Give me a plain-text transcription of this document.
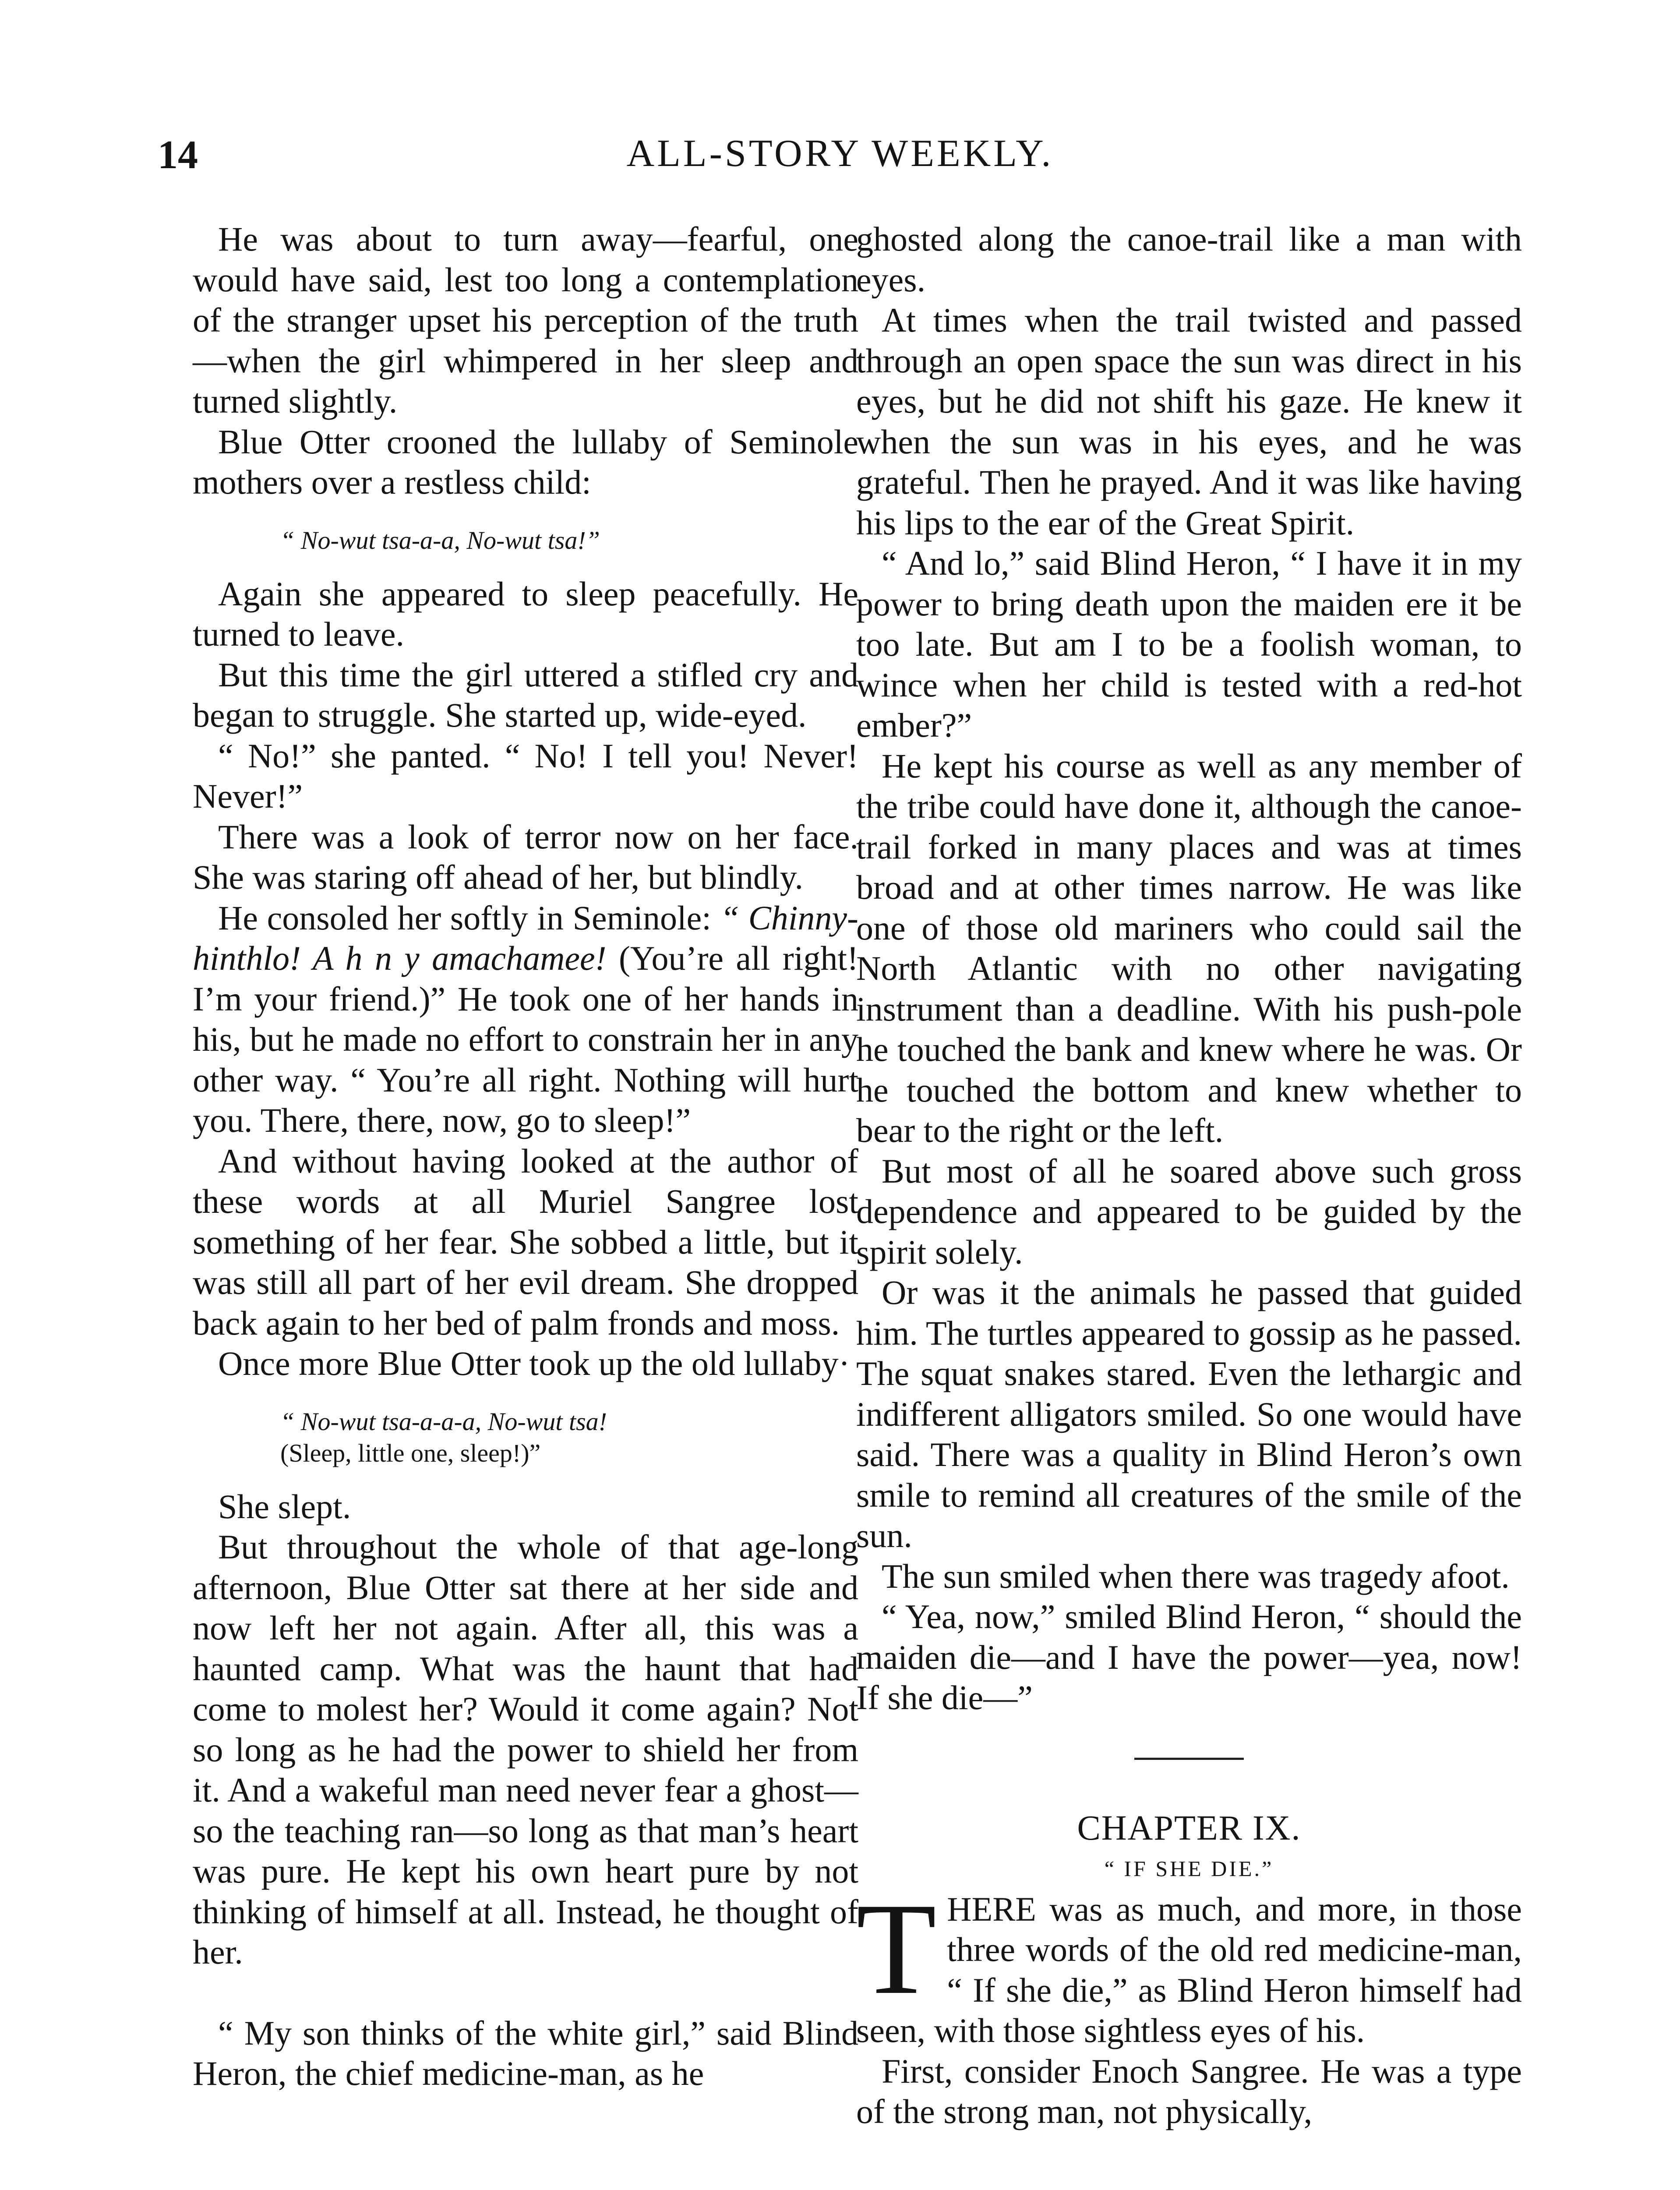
14	ALL-STORY WEEKLY.

He was about to turn away—fearful, one would have said, lest too long a contemplation of the stranger upset his perception of the truth—when the girl whimpered in her sleep and turned slightly.

Blue Otter crooned the lullaby of Seminole mothers over a restless child:

“ No-wut tsa-a-a, No-wut tsa!”

Again she appeared to sleep peacefully. He turned to leave.

But this time the girl uttered a stifled cry and began to struggle. She started up, wide-eyed.

“ No!” she panted. “ No! I tell you! Never! Never!”

There was a look of terror now on her face. She was staring off ahead of her, but blindly.

He consoled her softly in Seminole: “ Chinny-hinthlo! A h n y amachamee! (You’re all right! I’m your friend.)” He took one of her hands in his, but he made no effort to constrain her in any other way. “ You’re all right. Nothing will hurt you. There, there, now, go to sleep!”

And without having looked at the author of these words at all Muriel Sangree lost something of her fear. She sobbed a little, but it was still all part of her evil dream. She dropped back again to her bed of palm fronds and moss.

Once more Blue Otter took up the old lullaby·

“ No-wut tsa-a-a-a, No-wut tsa!
(Sleep, little one, sleep!)”

She slept.

But throughout the whole of that age-long afternoon, Blue Otter sat there at her side and now left her not again. After all, this was a haunted camp. What was the haunt that had come to molest her? Would it come again? Not so long as he had the power to shield her from it. And a wakeful man need never fear a ghost—so the teaching ran—so long as that man’s heart was pure. He kept his own heart pure by not thinking of himself at all. Instead, he thought of her.

“ My son thinks of the white girl,” said Blind Heron, the chief medicine-man, as he

ghosted along the canoe-trail like a man with eyes.

At times when the trail twisted and passed through an open space the sun was direct in his eyes, but he did not shift his gaze. He knew it when the sun was in his eyes, and he was grateful. Then he prayed. And it was like having his lips to the ear of the Great Spirit.

“ And lo,” said Blind Heron, “ I have it in my power to bring death upon the maiden ere it be too late. But am I to be a foolish woman, to wince when her child is tested with a red-hot ember?”

He kept his course as well as any member of the tribe could have done it, although the canoe-trail forked in many places and was at times broad and at other times narrow. He was like one of those old mariners who could sail the North Atlantic with no other navigating instrument than a deadline. With his push-pole he touched the bank and knew where he was. Or he touched the bottom and knew whether to bear to the right or the left.

But most of all he soared above such gross dependence and appeared to be guided by the spirit solely.

Or was it the animals he passed that guided him. The turtles appeared to gossip as he passed. The squat snakes stared. Even the lethargic and indifferent alligators smiled. So one would have said. There was a quality in Blind Heron’s own smile to remind all creatures of the smile of the sun.

The sun smiled when there was tragedy afoot.

“ Yea, now,” smiled Blind Heron, “ should the maiden die—and I have the power—yea, now! If she die—”

CHAPTER IX.

“ IF SHE DIE.”

THERE was as much, and more, in those three words of the old red medicine-man, “ If she die,” as Blind Heron himself had seen, with those sightless eyes of his.

First, consider Enoch Sangree. He was a type of the strong man, not physically,
